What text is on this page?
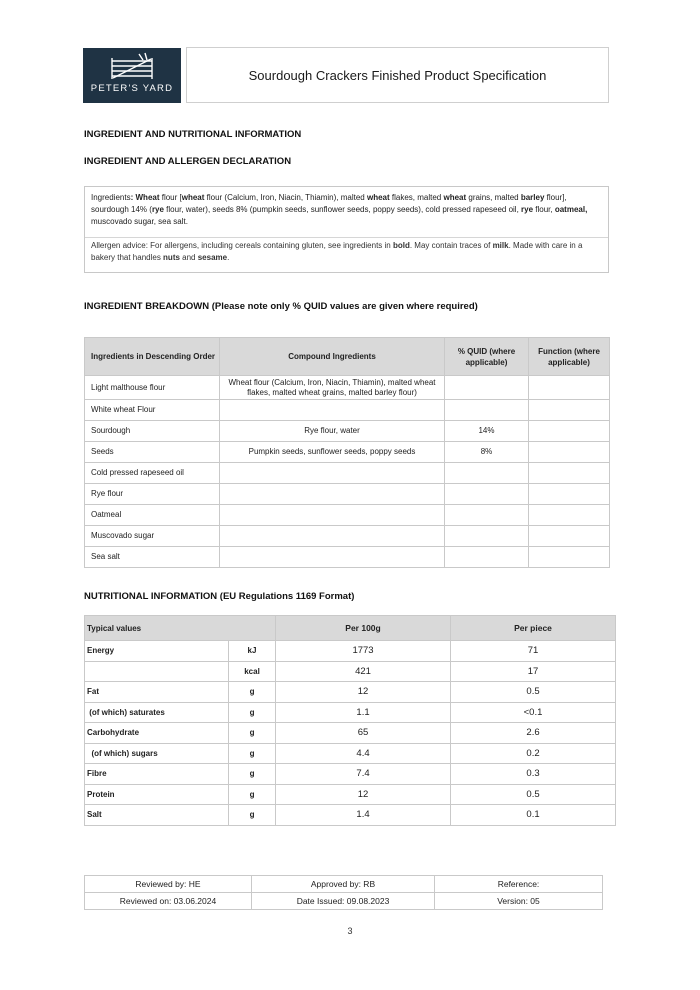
PETER'S YARD
Sourdough Crackers Finished Product Specification
INGREDIENT AND NUTRITIONAL INFORMATION
INGREDIENT AND ALLERGEN DECLARATION
Ingredients: Wheat flour [wheat flour (Calcium, Iron, Niacin, Thiamin), malted wheat flakes, malted wheat grains, malted barley flour], sourdough 14% (rye flour, water), seeds 8% (pumpkin seeds, sunflower seeds, poppy seeds), cold pressed rapeseed oil, rye flour, oatmeal, muscovado sugar, sea salt.
Allergen advice: For allergens, including cereals containing gluten, see ingredients in bold. May contain traces of milk. Made with care in a bakery that handles nuts and sesame.
INGREDIENT BREAKDOWN (Please note only % QUID values are given where required)
Ingredients in Descending Order	Compound Ingredients	% QUID (where applicable)	Function (where applicable)
Light malthouse flour	Wheat flour (Calcium, Iron, Niacin, Thiamin), malted wheat flakes, malted wheat grains, malted barley flour)		
White wheat Flour			
Sourdough	Rye flour, water	14%	
Seeds	Pumpkin seeds, sunflower seeds, poppy seeds	8%	
Cold pressed rapeseed oil			
Rye flour			
Oatmeal			
Muscovado sugar			
Sea salt			
NUTRITIONAL INFORMATION (EU Regulations 1169 Format)
Typical values		Per 100g	Per piece
Energy	kJ	1773	71
	kcal	421	17
Fat	g	12	0.5
(of which) saturates	g	1.1	<0.1
Carbohydrate	g	65	2.6
(of which) sugars	g	4.4	0.2
Fibre	g	7.4	0.3
Protein	g	12	0.5
Salt	g	1.4	0.1
Reviewed by: HE	Approved by: RB	Reference:
Reviewed on: 03.06.2024	Date Issued: 09.08.2023	Version: 05
3
